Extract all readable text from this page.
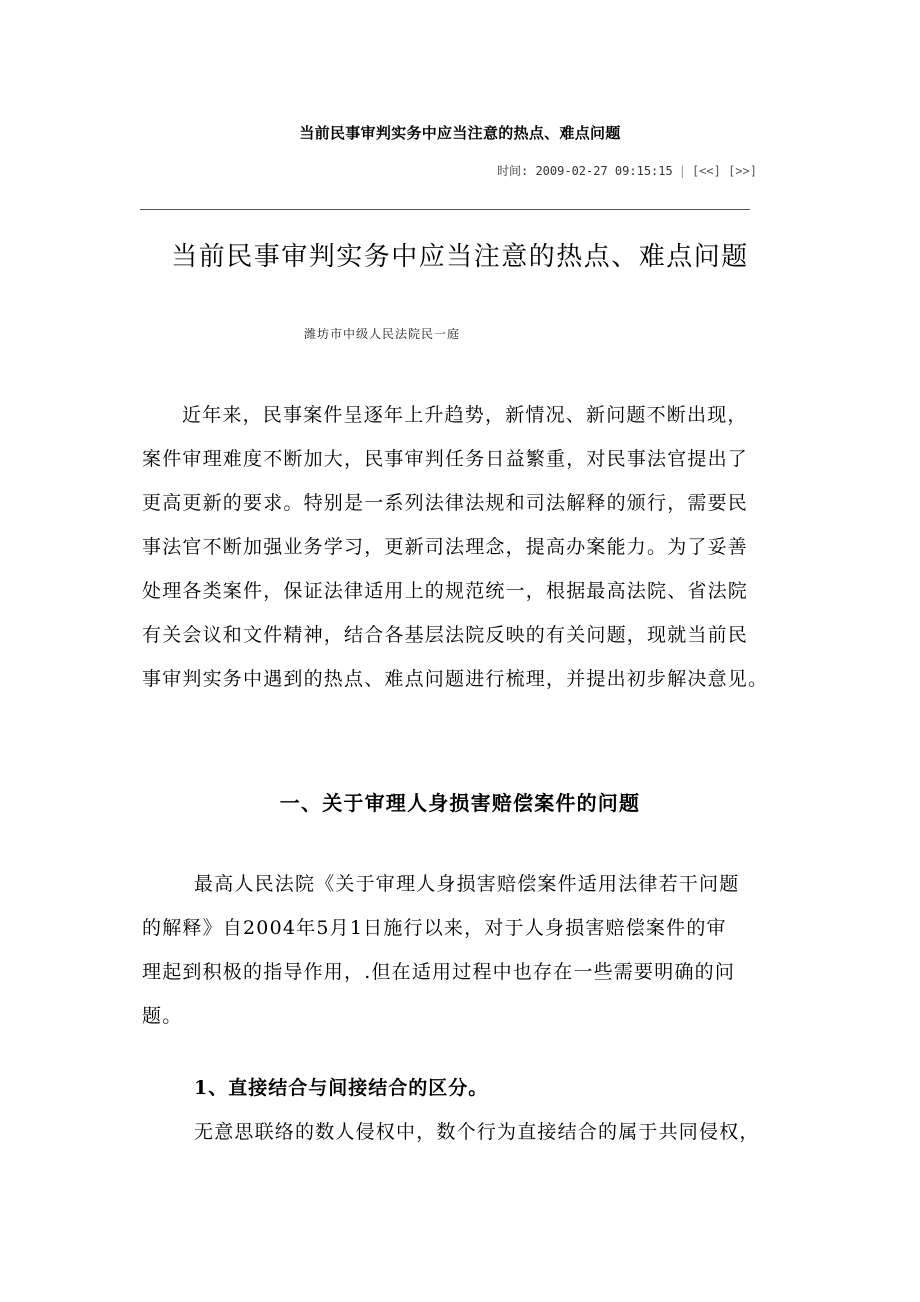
当前民事审判实务中应当注意的热点、难点问题
时间: 2009-02-27 09:15:15 | [<<] [>>]
当前民事审判实务中应当注意的热点、难点问题
潍坊市中级人民法院民一庭
近年来，民事案件呈逐年上升趋势，新情况、新问题不断出现，
案件审理难度不断加大，民事审判任务日益繁重，对民事法官提出了
更高更新的要求。特别是一系列法律法规和司法解释的颁行，需要民
事法官不断加强业务学习，更新司法理念，提高办案能力。为了妥善
处理各类案件，保证法律适用上的规范统一，根据最高法院、省法院
有关会议和文件精神，结合各基层法院反映的有关问题，现就当前民
事审判实务中遇到的热点、难点问题进行梳理，并提出初步解决意见。
一、关于审理人身损害赔偿案件的问题
最高人民法院《关于审理人身损害赔偿案件适用法律若干问题
的解释》自2004年5月1日施行以来，对于人身损害赔偿案件的审
理起到积极的指导作用，.但在适用过程中也存在一些需要明确的问
题。
1、直接结合与间接结合的区分。
无意思联络的数人侵权中，数个行为直接结合的属于共同侵权，
